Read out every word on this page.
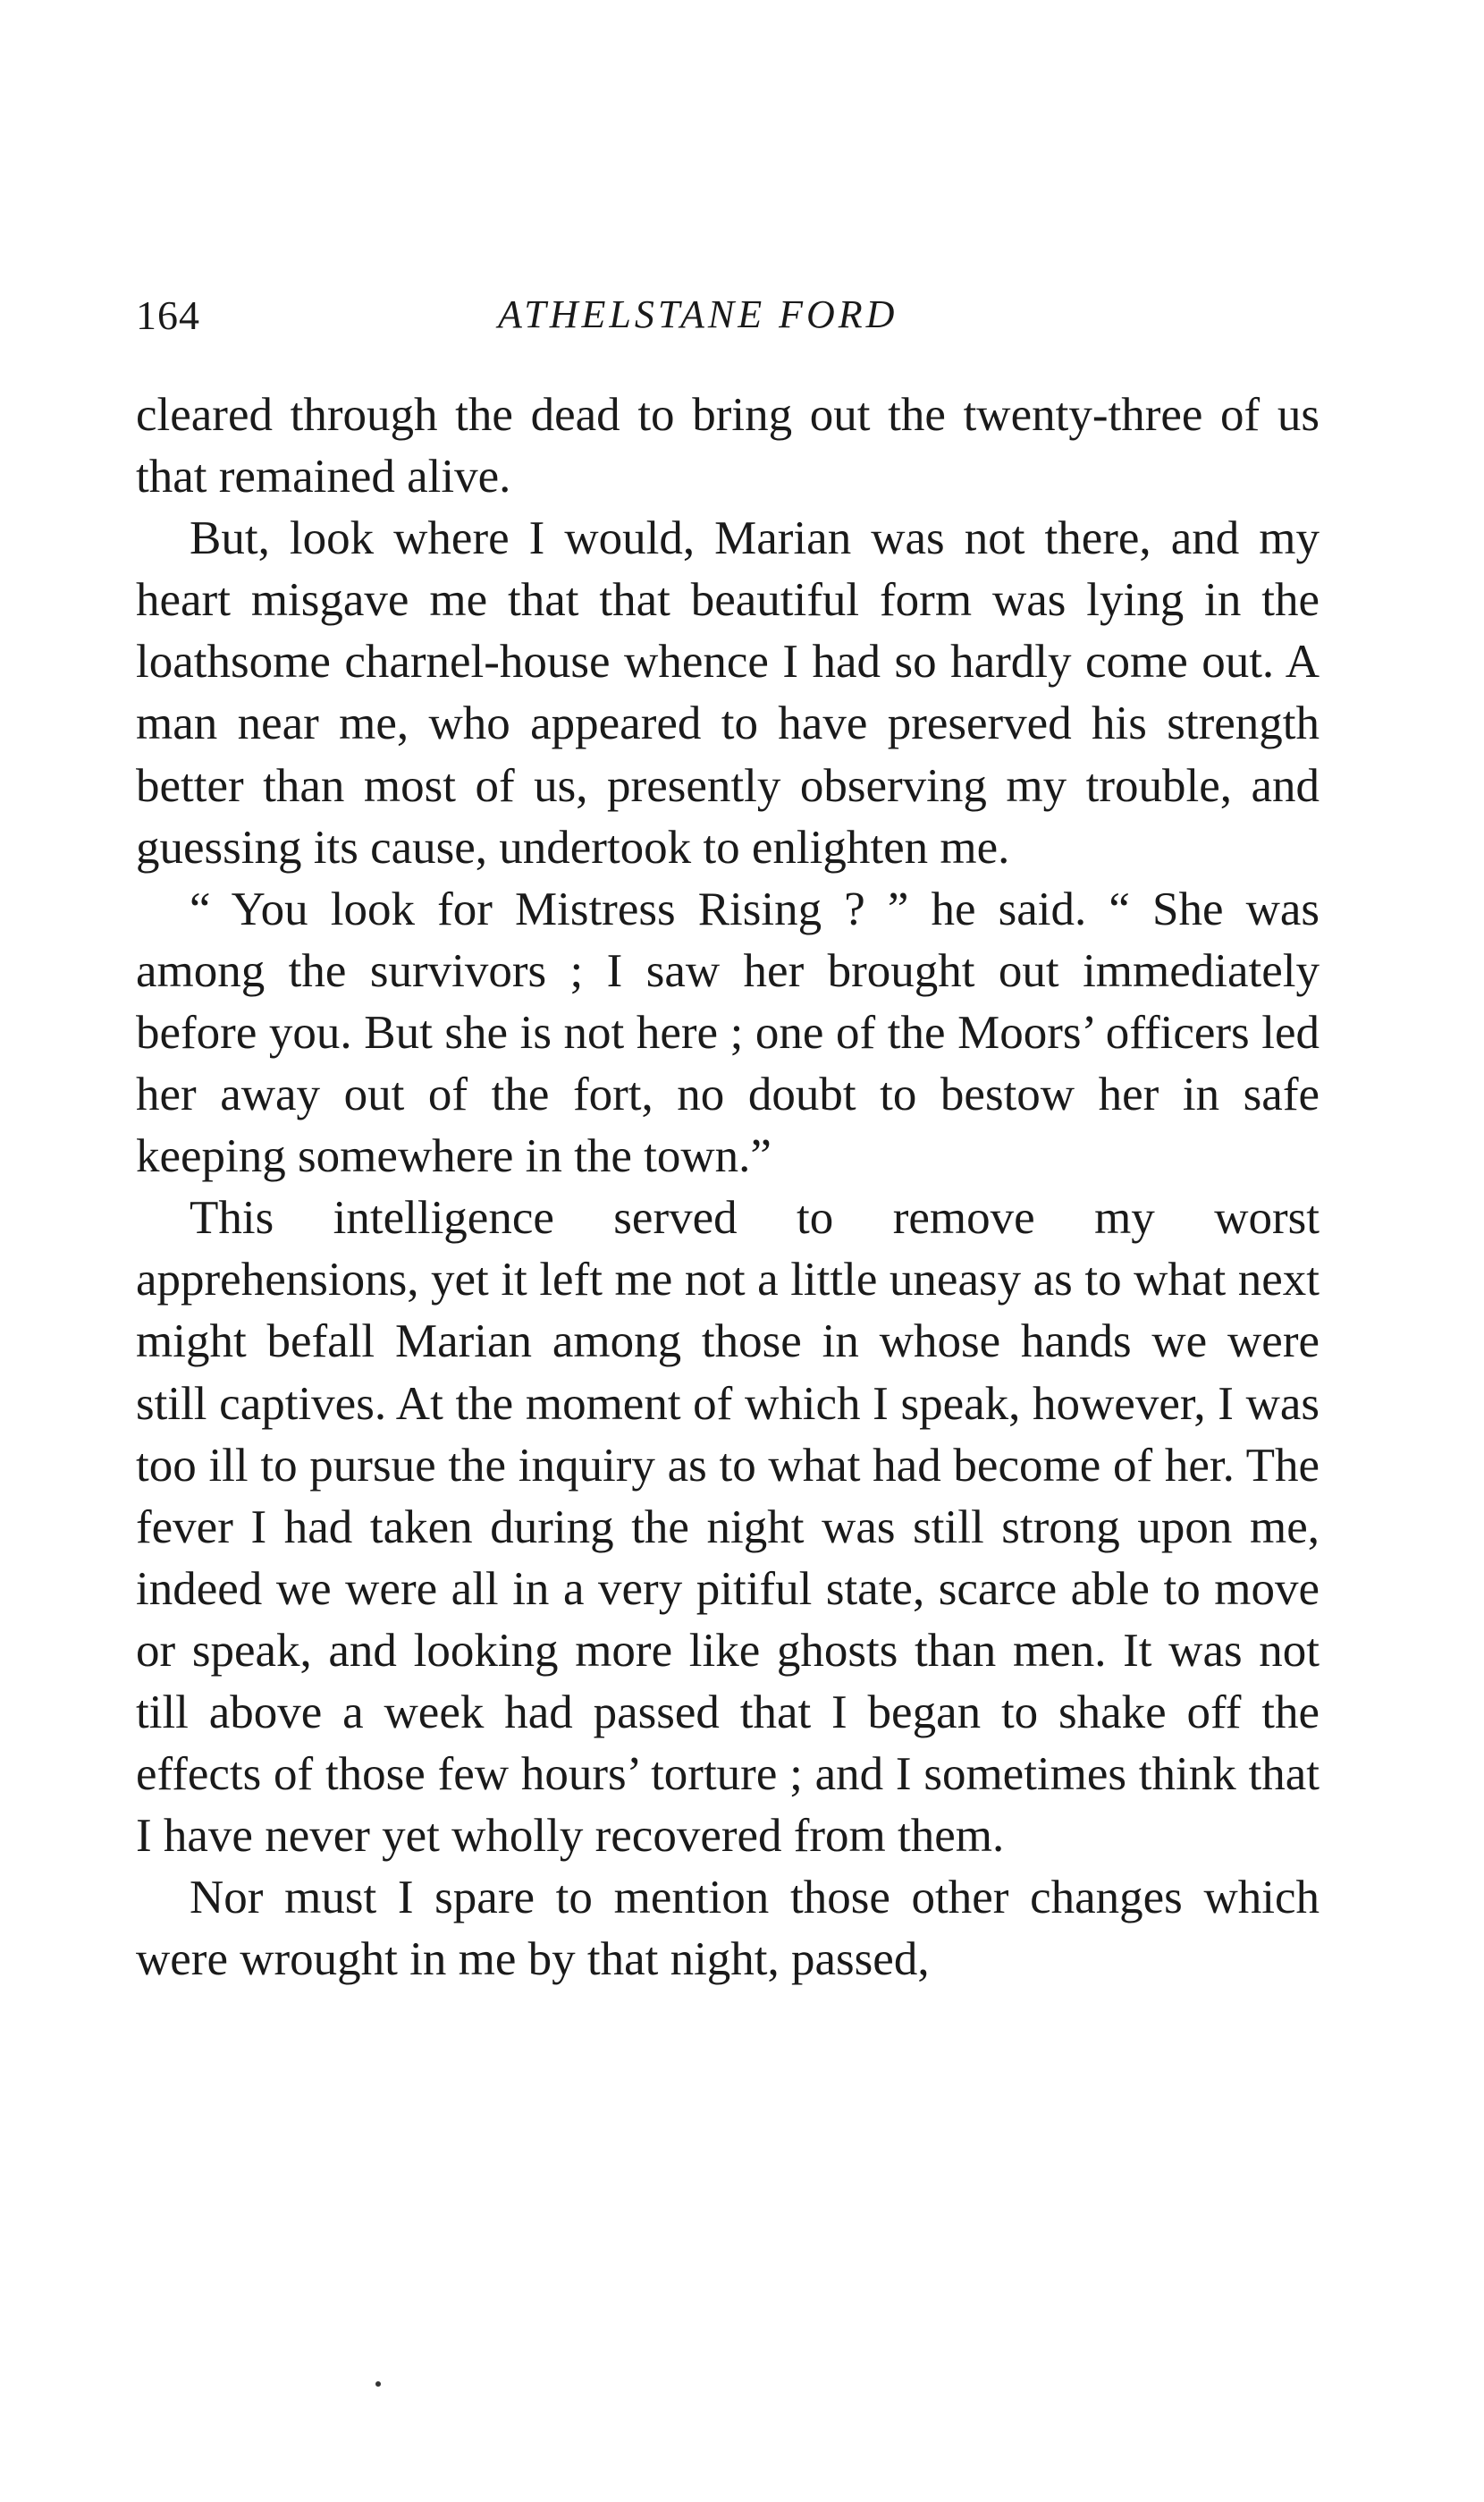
164	ATHELSTANE FORD

cleared through the dead to bring out the twenty-three of us that remained alive.

But, look where I would, Marian was not there, and my heart misgave me that that beautiful form was lying in the loathsome charnel-house whence I had so hardly come out. A man near me, who appeared to have preserved his strength better than most of us, presently observing my trouble, and guessing its cause, undertook to enlighten me.

“ You look for Mistress Rising ? ” he said. “ She was among the survivors ; I saw her brought out immediately before you. But she is not here ; one of the Moors’ officers led her away out of the fort, no doubt to bestow her in safe keeping somewhere in the town.”

This intelligence served to remove my worst apprehensions, yet it left me not a little uneasy as to what next might befall Marian among those in whose hands we were still captives. At the moment of which I speak, however, I was too ill to pursue the inquiry as to what had become of her. The fever I had taken during the night was still strong upon me, indeed we were all in a very pitiful state, scarce able to move or speak, and looking more like ghosts than men. It was not till above a week had passed that I began to shake off the effects of those few hours’ torture ; and I sometimes think that I have never yet wholly recovered from them.

Nor must I spare to mention those other changes which were wrought in me by that night, passed,
